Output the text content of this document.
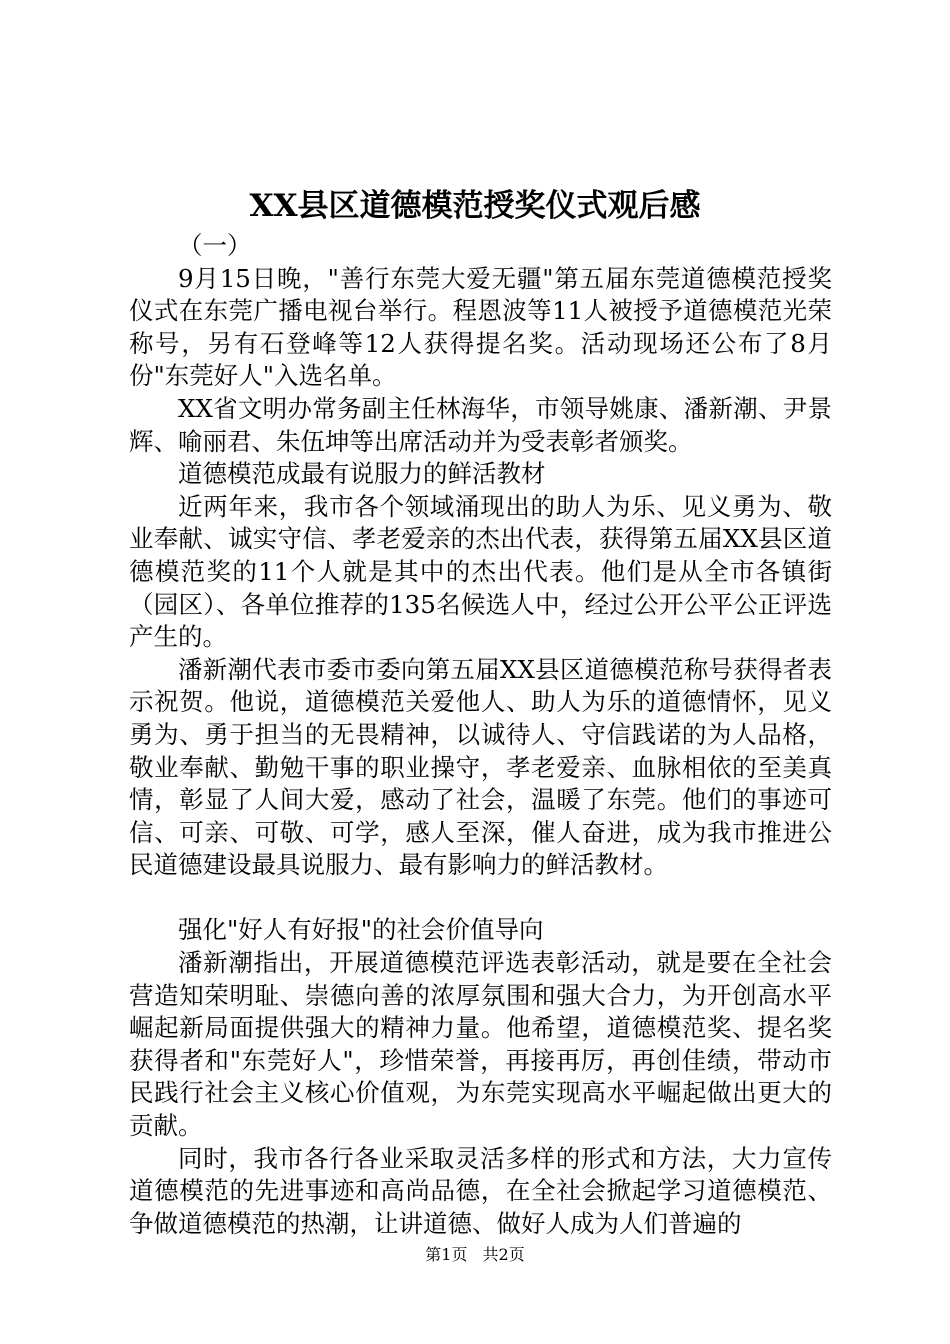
XX县区道德模范授奖仪式观后感

（一）

9月15日晚，"善行东莞大爱无疆"第五届东莞道德模范授奖仪式在东莞广播电视台举行。程恩波等11人被授予道德模范光荣称号，另有石登峰等12人获得提名奖。活动现场还公布了8月份"东莞好人"入选名单。

XX省文明办常务副主任林海华，市领导姚康、潘新潮、尹景辉、喻丽君、朱伍坤等出席活动并为受表彰者颁奖。

道德模范成最有说服力的鲜活教材

近两年来，我市各个领域涌现出的助人为乐、见义勇为、敬业奉献、诚实守信、孝老爱亲的杰出代表，获得第五届XX县区道德模范奖的11个人就是其中的杰出代表。他们是从全市各镇街（园区）、各单位推荐的135名候选人中，经过公开公平公正评选产生的。

潘新潮代表市委市委向第五届XX县区道德模范称号获得者表示祝贺。他说，道德模范关爱他人、助人为乐的道德情怀，见义勇为、勇于担当的无畏精神，以诚待人、守信践诺的为人品格，敬业奉献、勤勉干事的职业操守，孝老爱亲、血脉相依的至美真情，彰显了人间大爱，感动了社会，温暖了东莞。他们的事迹可信、可亲、可敬、可学，感人至深，催人奋进，成为我市推进公民道德建设最具说服力、最有影响力的鲜活教材。

强化"好人有好报"的社会价值导向

潘新潮指出，开展道德模范评选表彰活动，就是要在全社会营造知荣明耻、崇德向善的浓厚氛围和强大合力，为开创高水平崛起新局面提供强大的精神力量。他希望，道德模范奖、提名奖获得者和"东莞好人"，珍惜荣誉，再接再厉，再创佳绩，带动市民践行社会主义核心价值观，为东莞实现高水平崛起做出更大的贡献。

同时，我市各行各业采取灵活多样的形式和方法，大力宣传道德模范的先进事迹和高尚品德，在全社会掀起学习道德模范、争做道德模范的热潮，让讲道德、做好人成为人们普遍的

第1页 共2页
